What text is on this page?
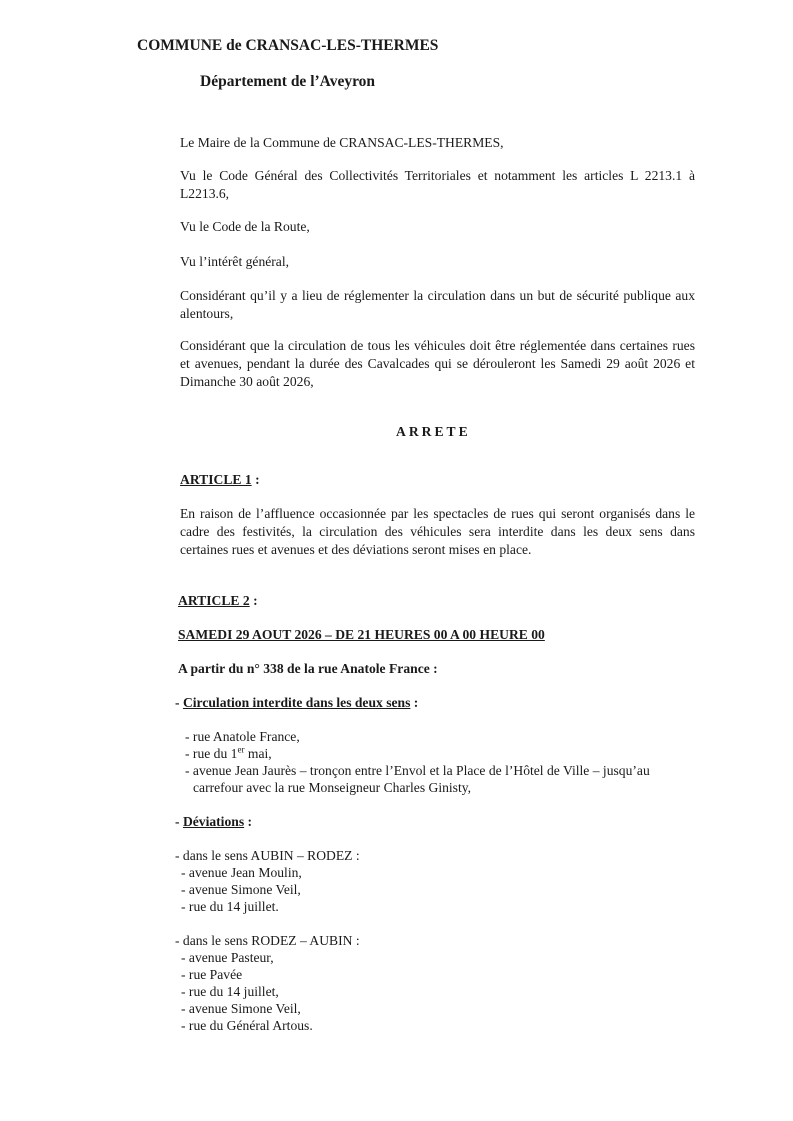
COMMUNE de CRANSAC-LES-THERMES
Département de l’Aveyron
Le Maire de la Commune de CRANSAC-LES-THERMES,
Vu le Code Général des Collectivités Territoriales et notamment les articles L 2213.1 à L2213.6,
Vu le Code de la Route,
Vu l’intérêt général,
Considérant qu’il y a lieu de réglementer la circulation dans un but de sécurité publique aux alentours,
Considérant que la circulation de tous les véhicules doit être réglementée dans certaines rues et avenues, pendant la durée des Cavalcades qui se dérouleront les Samedi 29 août 2026 et Dimanche 30 août 2026,
ARRETE
ARTICLE 1 :
En raison de l’affluence occasionnée par les spectacles de rues qui seront organisés dans le cadre des festivités, la circulation des véhicules sera interdite dans les deux sens dans certaines rues et avenues et des déviations seront mises en place.
ARTICLE 2 :
SAMEDI 29 AOUT 2026 – DE 21 HEURES 00 A 00 HEURE 00
A partir du n° 338 de la rue Anatole France :
- Circulation interdite dans les deux sens :
- rue Anatole France,
- rue du 1er mai,
- avenue Jean Jaurès – tronçon entre l’Envol et la Place de l’Hôtel de Ville – jusqu’au
carrefour avec la rue Monseigneur Charles Ginisty,
- Déviations :
- dans le sens AUBIN – RODEZ :
- avenue Jean Moulin,
- avenue Simone Veil,
- rue du 14 juillet.
- dans le sens RODEZ – AUBIN :
- avenue Pasteur,
- rue Pavée
- rue du 14 juillet,
- avenue Simone Veil,
- rue du Général Artous.
